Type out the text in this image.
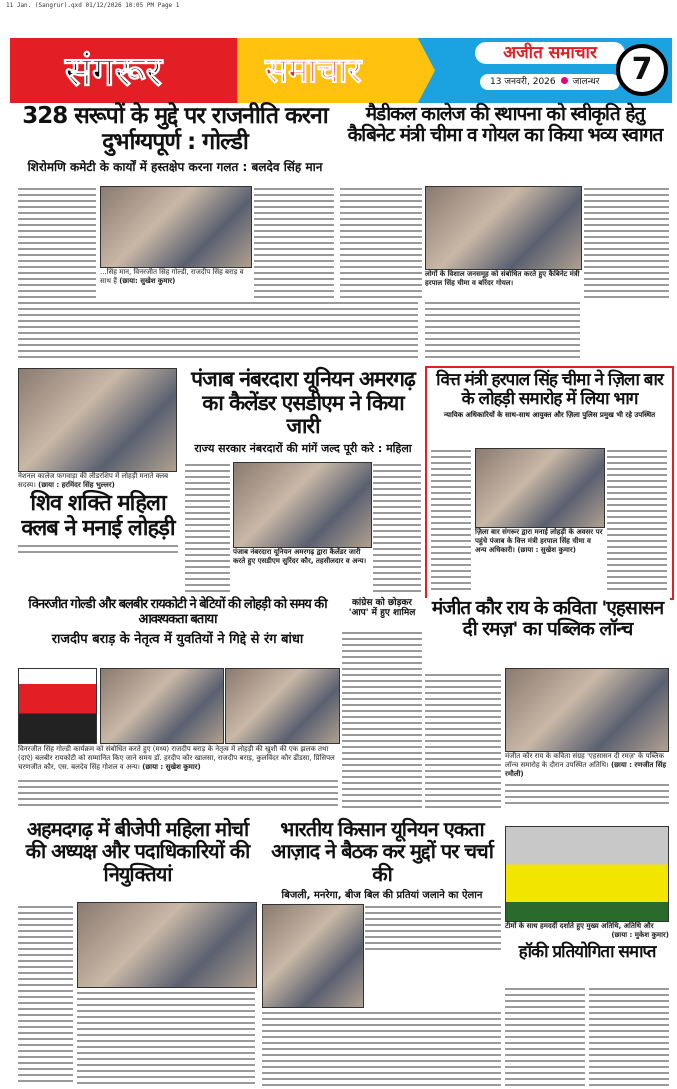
11 Jan. (Sangrur).qxd 01/12/2026 10:05 PM Page 1
संगरूर	समाचार	अजीत समाचार
13 जनवरी, 2026 जालन्धर	7
...सिंह मान, विनरजीत सिंह गोल्डी, राजदीप सिंह बराड़ व साथ हैं (छाया: सुखेश कुमार)
328 सरूपों के मुद्दे पर राजनीति करना दुर्भाग्यपूर्ण : गोल्डी
शिरोमणि कमेटी के कार्यों में हस्तक्षेप करना गलत : बलदेव सिंह मान
लोगों के विशाल जनसमूह को संबोधित करते हुए कैबिनेट मंत्री हरपाल सिंह चीमा व बरिंदर गोयल।
मैडीकल कालेज की स्थापना को स्वीकृति हेतु कैबिनेट मंत्री चीमा व गोयल का किया भव्य स्वागत
नेशनल कालेज फगवाड़ा की लीडरशिप में लोहड़ी मनाते क्लब सदस्य। (छाया : हरमिंदर सिंह भुल्लर)
शिव शक्ति महिला क्लब ने मनाई लोहड़ी
पंजाब नंबरदारा यूनियन अमरगढ़ द्वारा कैलेंडर जारी करते हुए एसडीएम सुरिंदर कौर, तहसीलदार व अन्य।
पंजाब नंबरदारा यूनियन अमरगढ़ का कैलेंडर एसडीएम ने किया जारी
राज्य सरकार नंबरदारों की मांगें जल्द पूरी करे : महिला
ज़िला बार संगरूर द्वारा मनाई लोहड़ी के अवसर पर पहुंचे पंजाब के वित्त मंत्री हरपाल सिंह चीमा व अन्य अधिकारी। (छाया : सुखेश कुमार)
वित्त मंत्री हरपाल सिंह चीमा ने ज़िला बार के लोहड़ी समारोह में लिया भाग
न्यायिक अधिकारियों के साथ-साथ आयुक्त और ज़िला पुलिस प्रमुख भी रहे उपस्थित
विनरजीत सिंह गोल्डी कार्यक्रम को संबोधित करते हुए (मध्य) राजदीप बराड़ के नेतृत्व में लोहड़ी की खुशी की एक झलक तथा (दाएं) बलबीर रायकोटी को सम्मानित किए जाने समय डॉ. हरदीप कौर खालसा, राजदीप बराड़, कुलविंदर कौर ढींडसा, प्रिंसिपल चरणजीत कौर, एस. बलदेव सिंह गोशल व अन्य। (छाया : सुखेश कुमार)
विनरजीत गोल्डी और बलबीर रायकोटी ने बेटियों की लोहड़ी को समय की आवश्यकता बताया
राजदीप बराड़ के नेतृत्व में युवतियों ने गिद्दे से रंग बांधा
कांग्रेस को छोड़कर 'आप' में हुए शामिल
मंजीत कौर राय के कविता संग्रह 'एहसासन दी रमज़' के पब्लिक लॉन्च समारोह के दौरान उपस्थित अतिथि। (छाया : रणजीत सिंह रमौली)
मंजीत कौर राय के कविता 'एहसासन दी रमज़' का पब्लिक लॉन्च
अहमदगढ़ में बीजेपी महिला मोर्चा की अध्यक्ष और पदाधिकारियों की नियुक्तियां
भारतीय किसान यूनियन एकता आज़ाद ने बैठक कर मुद्दों पर चर्चा की
बिजली, मनरेगा, बीज बिल की प्रतियां जलाने का ऐलान
टीमों के साथ हमदर्दी दर्शाते हुए मुख्य अतिथि, अतिथि और
(छाया : मुकेश कुमार)
हॉकी प्रतियोगिता समाप्त
